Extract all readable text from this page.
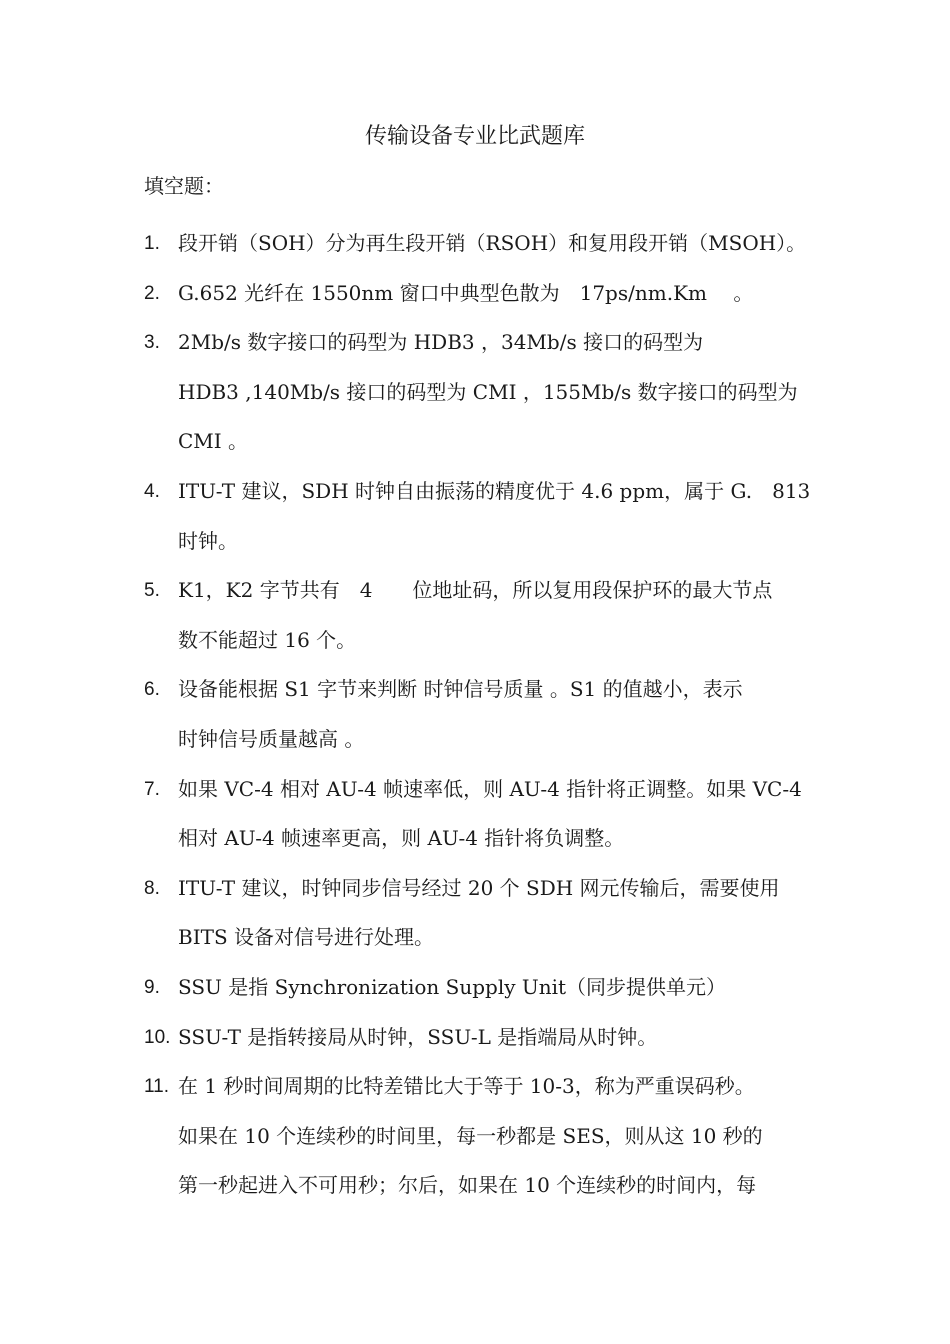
传输设备专业比武题库
填空题：
1. 段开销（SOH）分为再生段开销（RSOH）和复用段开销（MSOH）。
2. G.652 光纤在 1550nm 窗口中典型色散为　17ps/nm.Km　 。
3. 2Mb/s 数字接口的码型为 HDB3 ，34Mb/s 接口的码型为
HDB3 ,140Mb/s 接口的码型为 CMI ，155Mb/s 数字接口的码型为
CMI 。
4. ITU-T 建议，SDH 时钟自由振荡的精度优于 4.6 ppm，属于 G.　813
时钟。
5. K1，K2 字节共有　4　　位地址码，所以复用段保护环的最大节点
数不能超过 16 个。
6. 设备能根据 S1 字节来判断 时钟信号质量 。S1 的值越小，表示
时钟信号质量越高 。
7. 如果 VC-4 相对 AU-4 帧速率低，则 AU-4 指针将正调整。如果 VC-4
相对 AU-4 帧速率更高，则 AU-4 指针将负调整。
8. ITU-T 建议，时钟同步信号经过 20 个 SDH 网元传输后，需要使用
BITS 设备对信号进行处理。
9. SSU 是指 Synchronization Supply Unit（同步提供单元）
10. SSU-T 是指转接局从时钟，SSU-L 是指端局从时钟。
11. 在 1 秒时间周期的比特差错比大于等于 10-3，称为严重误码秒。
如果在 10 个连续秒的时间里，每一秒都是 SES，则从这 10 秒的
第一秒起进入不可用秒；尔后，如果在 10 个连续秒的时间内，每
